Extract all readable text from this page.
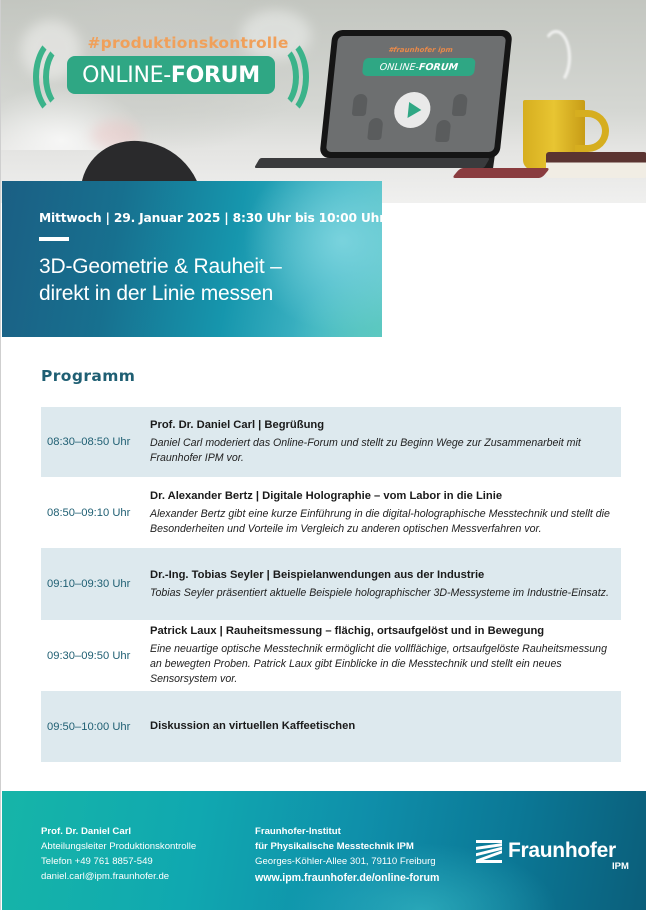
#fraunhofer ipm
ONLINE-
FORUM
#produktionskontrolle
ONLINE- FORUM
Mittwoch | 29. Januar 2025 | 8:30 Uhr bis 10:00 Uhr
3D-Geometrie & Rauheit –
direkt in der Linie messen
Programm
08:30–08:50 Uhr
Prof. Dr. Daniel Carl | Begrüßung
Daniel Carl moderiert das Online-Forum und stellt zu Beginn Wege zur Zusammenarbeit mit Fraunhofer IPM vor.
08:50–09:10 Uhr
Dr. Alexander Bertz | Digitale Holographie – vom Labor in die Linie
Alexander Bertz gibt eine kurze Einführung in die digital-holographische Messtechnik und stellt die Besonderheiten und Vorteile im Vergleich zu anderen optischen Messverfahren vor.
09:10–09:30 Uhr
Dr.-Ing. Tobias Seyler | Beispielanwendungen aus der Industrie
Tobias Seyler präsentiert aktuelle Beispiele holographischer 3D-Messysteme im Industrie-Einsatz.
09:30–09:50 Uhr
Patrick Laux | Rauheitsmessung – flächig, ortsaufgelöst und in Bewegung
Eine neuartige optische Messtechnik ermöglicht die vollflächige, ortsaufgelöste Rauheitsmessung an bewegten Proben. Patrick Laux gibt Einblicke in die Messtechnik und stellt ein neues Sensorsystem vor.
09:50–10:00 Uhr	Diskussion an virtuellen Kaffeetischen
Prof. Dr. Daniel Carl
Abteilungsleiter Produktionskontrolle
Telefon +49 761 8857-549
daniel.carl@ipm.fraunhofer.de
Fraunhofer-Institut
für Physikalische Messtechnik IPM
Georges-Köhler-Allee 301, 79110 Freiburg
www.ipm.fraunhofer.de/online-forum
Fraunhofer
IPM
